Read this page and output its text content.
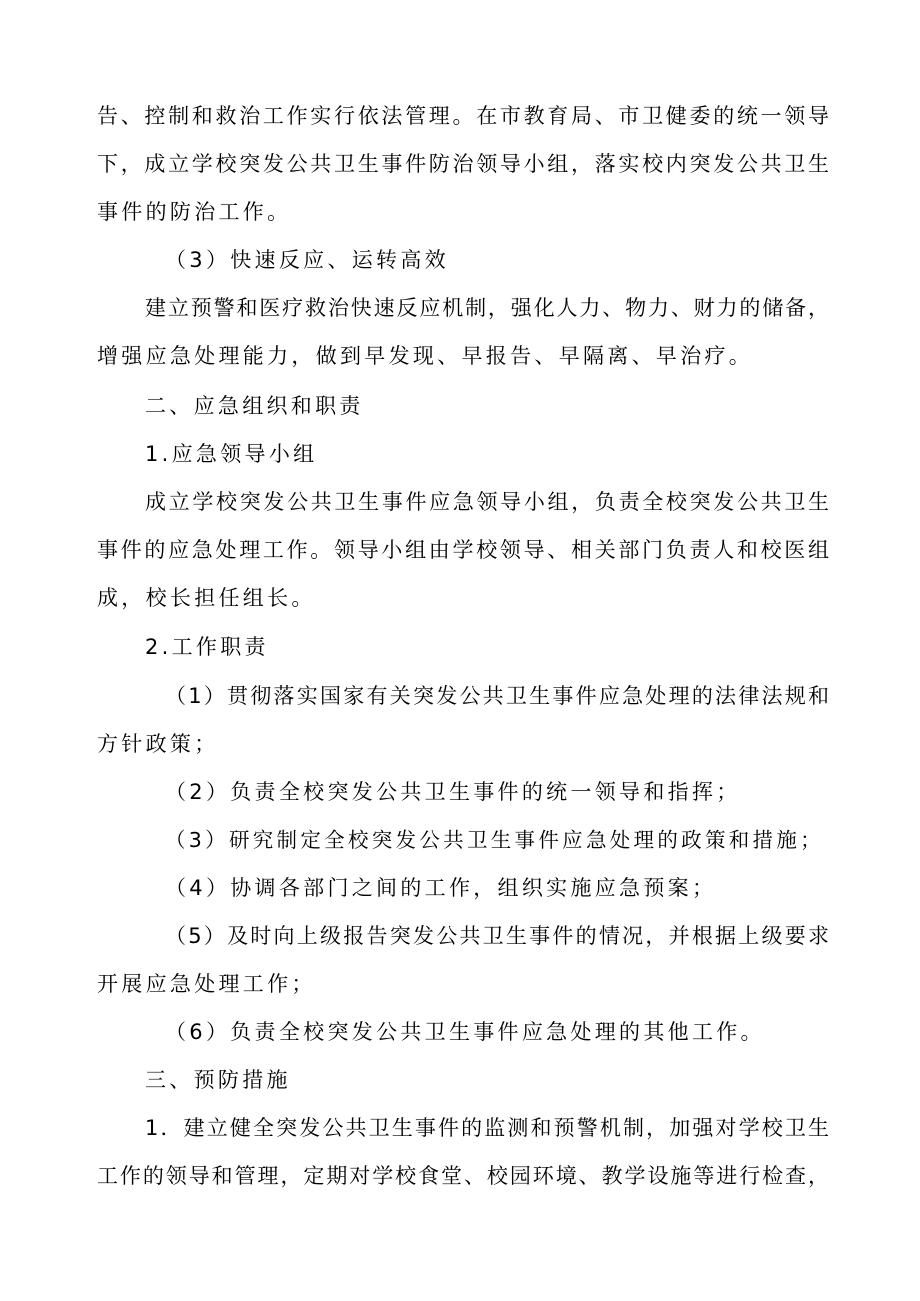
告、控制和救治工作实行依法管理。在市教育局、市卫健委的统一领导
下，成立学校突发公共卫生事件防治领导小组，落实校内突发公共卫生
事件的防治工作。
（3）快速反应、运转高效
建立预警和医疗救治快速反应机制，强化人力、物力、财力的储备，
增强应急处理能力，做到早发现、早报告、早隔离、早治疗。
二、应急组织和职责
1.应急领导小组
成立学校突发公共卫生事件应急领导小组，负责全校突发公共卫生
事件的应急处理工作。领导小组由学校领导、相关部门负责人和校医组
成，校长担任组长。
2.工作职责
（1）贯彻落实国家有关突发公共卫生事件应急处理的法律法规和
方针政策；
（2）负责全校突发公共卫生事件的统一领导和指挥；
（3）研究制定全校突发公共卫生事件应急处理的政策和措施；
（4）协调各部门之间的工作，组织实施应急预案；
（5）及时向上级报告突发公共卫生事件的情况，并根据上级要求
开展应急处理工作；
（6）负责全校突发公共卫生事件应急处理的其他工作。
三、预防措施
1．建立健全突发公共卫生事件的监测和预警机制，加强对学校卫生
工作的领导和管理，定期对学校食堂、校园环境、教学设施等进行检查，
